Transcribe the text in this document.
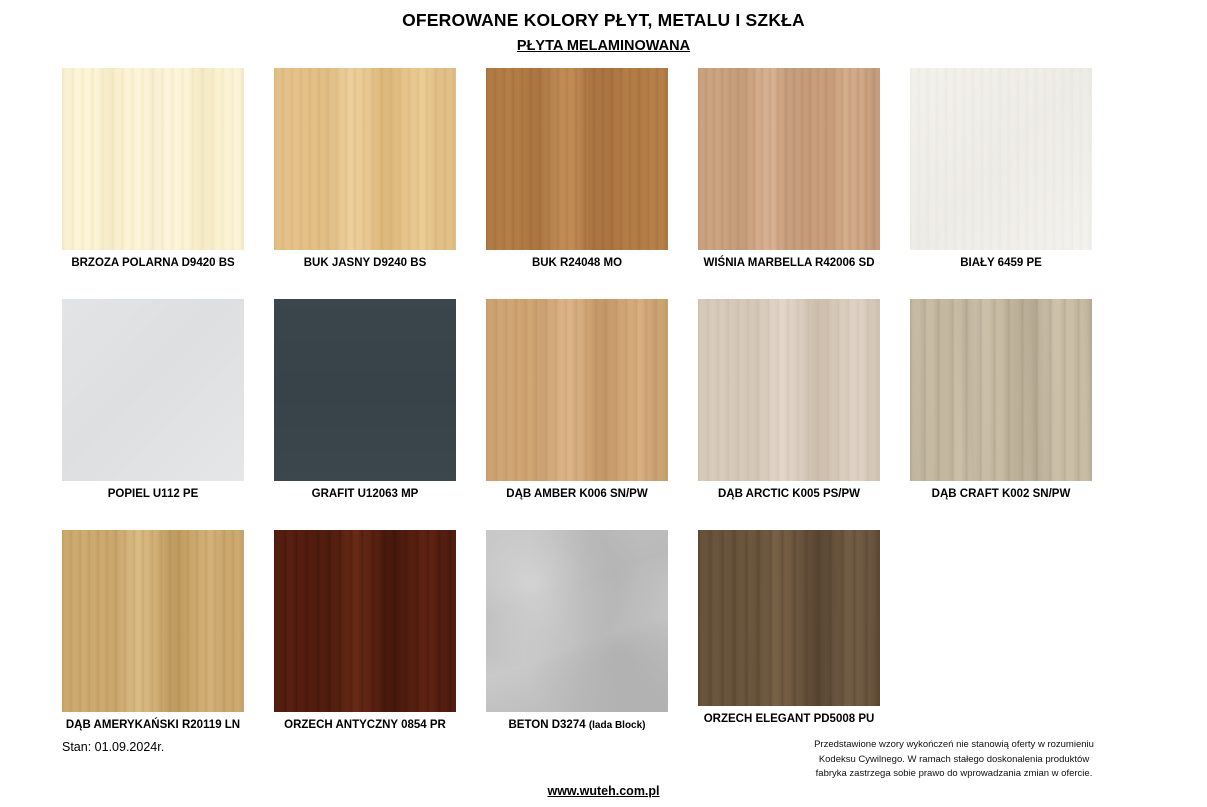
OFEROWANE KOLORY PŁYT, METALU I SZKŁA
PŁYTA MELAMINOWANA
BRZOZA POLARNA D9420 BS	BUK JASNY D9240 BS	BUK R24048 MO	WIŚNIA MARBELLA R42006 SD	BIAŁY 6459 PE
POPIEL U112 PE	GRAFIT U12063 MP	DĄB AMBER K006 SN/PW	DĄB ARCTIC K005 PS/PW	DĄB CRAFT K002 SN/PW
DĄB AMERYKAŃSKI R20119 LN	ORZECH ANTYCZNY 0854 PR	BETON D3274 (lada Block)
ORZECH ELEGANT PD5008 PU
Stan: 01.09.2024r.	Przedstawione wzory wykończeń nie stanowią oferty w rozumieniu
Kodeksu Cywilnego. W ramach stałego doskonalenia produktów
fabryka zastrzega sobie prawo do wprowadzania zmian w ofercie.
www.wuteh.com.pl
